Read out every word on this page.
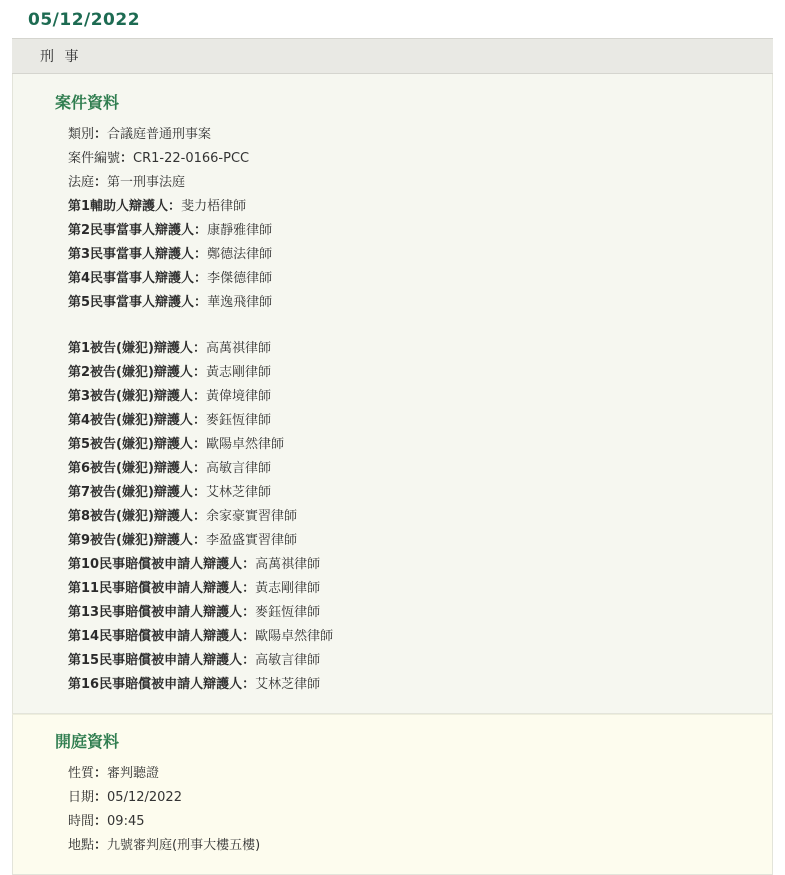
05/12/2022
刑 事
案件資料
類別：合議庭普通刑事案
案件編號：CR1-22-0166-PCC
法庭：第一刑事法庭
第1輔助人辯護人：斐力梧律師
第2民事當事人辯護人：康靜雅律師
第3民事當事人辯護人：鄭德法律師
第4民事當事人辯護人：李傑德律師
第5民事當事人辯護人：華逸飛律師
第1被告(嫌犯)辯護人：高萬祺律師
第2被告(嫌犯)辯護人：黃志剛律師
第3被告(嫌犯)辯護人：黃偉境律師
第4被告(嫌犯)辯護人：麥鈺恆律師
第5被告(嫌犯)辯護人：歐陽卓然律師
第6被告(嫌犯)辯護人：高敏言律師
第7被告(嫌犯)辯護人：艾林芝律師
第8被告(嫌犯)辯護人：余家豪實習律師
第9被告(嫌犯)辯護人：李盈盛實習律師
第10民事賠償被申請人辯護人：高萬祺律師
第11民事賠償被申請人辯護人：黃志剛律師
第13民事賠償被申請人辯護人：麥鈺恆律師
第14民事賠償被申請人辯護人：歐陽卓然律師
第15民事賠償被申請人辯護人：高敏言律師
第16民事賠償被申請人辯護人：艾林芝律師
開庭資料
性質：審判聽證
日期：05/12/2022
時間：09:45
地點：九號審判庭(刑事大樓五樓)
